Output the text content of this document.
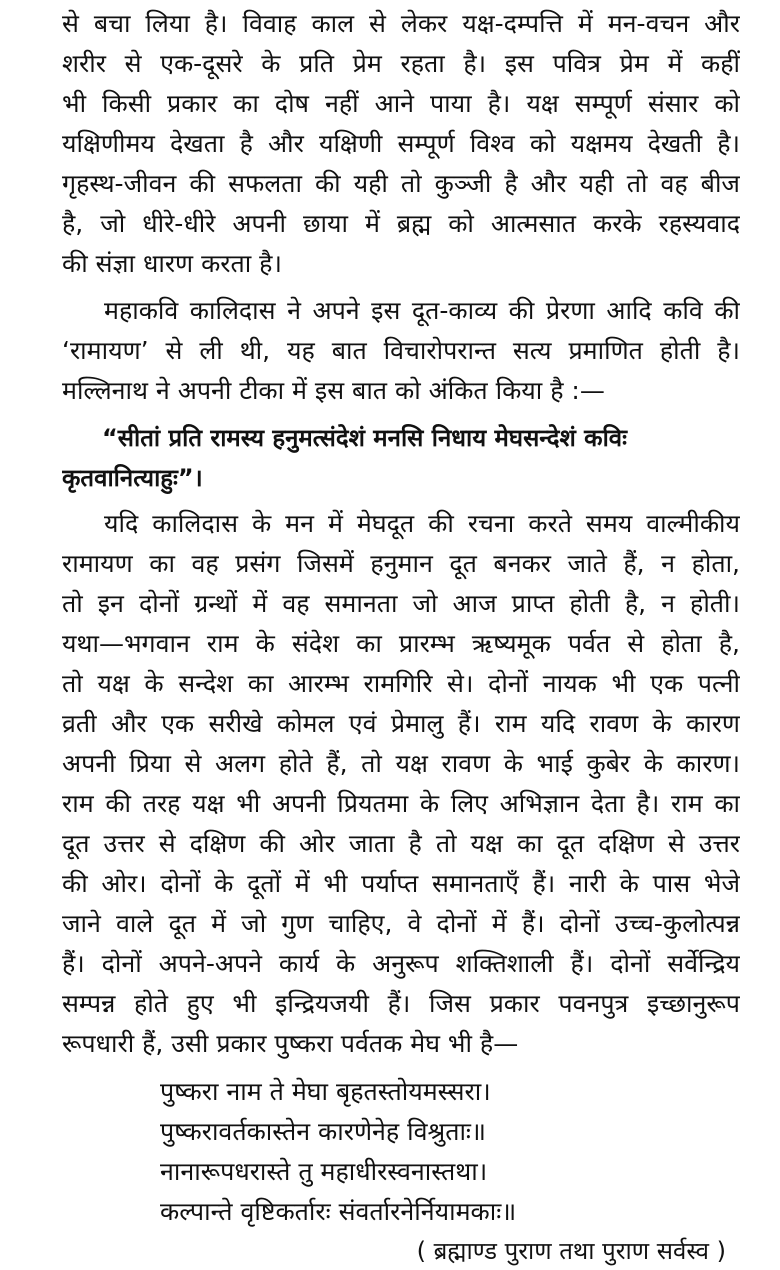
से बचा लिया है। विवाह काल से लेकर यक्ष-दम्पत्ति में मन-वचन और
शरीर से एक-दूसरे के प्रति प्रेम रहता है। इस पवित्र प्रेम में कहीं
भी किसी प्रकार का दोष नहीं आने पाया है। यक्ष सम्पूर्ण संसार को
यक्षिणीमय देखता है और यक्षिणी सम्पूर्ण विश्व को यक्षमय देखती है।
गृहस्थ-जीवन की सफलता की यही तो कुञ्जी है और यही तो वह बीज
है, जो धीरे-धीरे अपनी छाया में ब्रह्म को आत्मसात करके रहस्यवाद
की संज्ञा धारण करता है।
महाकवि कालिदास ने अपने इस दूत-काव्य की प्रेरणा आदि कवि की
‘रामायण’ से ली थी, यह बात विचारोपरान्त सत्य प्रमाणित होती है।
मल्लिनाथ ने अपनी टीका में इस बात को अंकित किया है :—
“सीतां प्रति रामस्य हनुमत्संदेशं मनसि निधाय मेघसन्देशं कविः
कृतवानित्याहुः”।
यदि कालिदास के मन में मेघदूत की रचना करते समय वाल्मीकीय
रामायण का वह प्रसंग जिसमें हनुमान दूत बनकर जाते हैं, न होता,
तो इन दोनों ग्रन्थों में वह समानता जो आज प्राप्त होती है, न होती।
यथा—भगवान राम के संदेश का प्रारम्भ ऋष्यमूक पर्वत से होता है,
तो यक्ष के सन्देश का आरम्भ रामगिरि से। दोनों नायक भी एक पत्नी
व्रती और एक सरीखे कोमल एवं प्रेमालु हैं। राम यदि रावण के कारण
अपनी प्रिया से अलग होते हैं, तो यक्ष रावण के भाई कुबेर के कारण।
राम की तरह यक्ष भी अपनी प्रियतमा के लिए अभिज्ञान देता है। राम का
दूत उत्तर से दक्षिण की ओर जाता है तो यक्ष का दूत दक्षिण से उत्तर
की ओर। दोनों के दूतों में भी पर्याप्त समानताएँ हैं। नारी के पास भेजे
जाने वाले दूत में जो गुण चाहिए, वे दोनों में हैं। दोनों उच्च-कुलोत्पन्न
हैं। दोनों अपने-अपने कार्य के अनुरूप शक्तिशाली हैं। दोनों सर्वेन्द्रिय
सम्पन्न होते हुए भी इन्द्रियजयी हैं। जिस प्रकार पवनपुत्र इच्छानुरूप
रूपधारी हैं, उसी प्रकार पुष्करा पर्वतक मेघ भी है—
पुष्करा नाम ते मेघा बृहतस्तोयमस्सरा।
पुष्करावर्तकास्तेन कारणेनेह विश्रुताः॥
नानारूपधरास्ते तु महाधीरस्वनास्तथा।
कल्पान्ते वृष्टिकर्तारः संवर्तारनेर्नियामकाः॥
( ब्रह्माण्ड पुराण तथा पुराण सर्वस्व )
